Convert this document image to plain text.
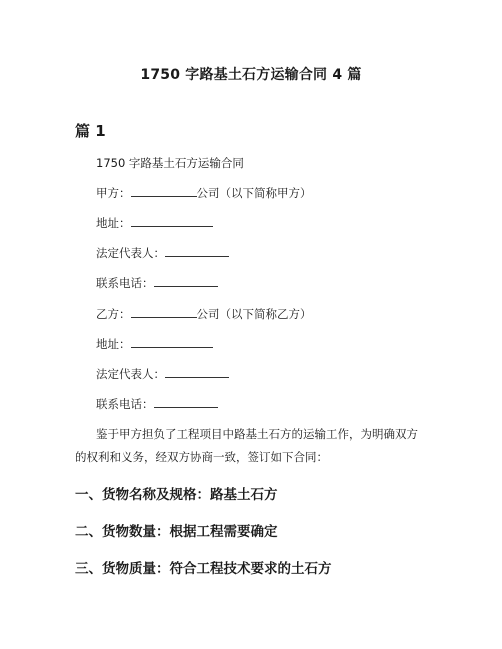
1750 字路基土石方运输合同 4 篇
篇 1
1750 字路基土石方运输合同
甲方：	公司（以下简称甲方）
地址：
法定代表人：
联系电话：
乙方：	公司（以下简称乙方）
地址：
法定代表人：
联系电话：
鉴于甲方担负了工程项目中路基土石方的运输工作，为明确双方的权利和义务，经双方协商一致，签订如下合同：
一、货物名称及规格：路基土石方
二、货物数量：根据工程需要确定
三、货物质量：符合工程技术要求的土石方
